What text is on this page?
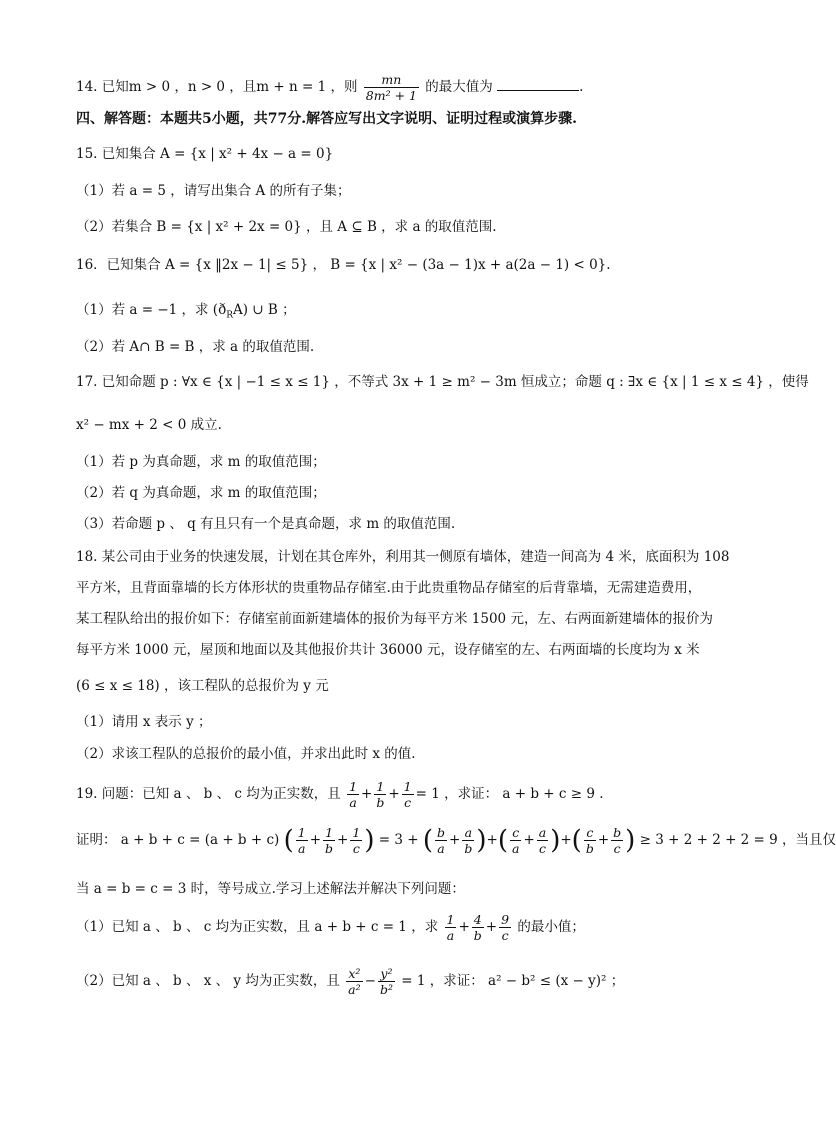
14. 已知m > 0 ，n > 0 ，且m + n = 1 ，则 $\frac{mn}{\text{8m² + 1}}$ 的最大值为	.
四、解答题：本题共5小题，共77分.解答应写出文字说明、证明过程或演算步骤.
15. 已知集合 A = {x | x² + 4x − a = 0}
（1）若 a = 5 ，请写出集合 A 的所有子集；
（2）若集合 B = {x | x² + 2x = 0} ，且 A ⊆ B ，求 a 的取值范围.
16．已知集合 A = {x ‖2x − 1| ≤ 5} ， B = {x | x² − (3a − 1)x + a(2a − 1) < 0}.
（1）若 a = −1 ，求 $(ð_RA)$ ∪ B ；
（2）若 A∩ B = B ，求 a 的取值范围.
17. 已知命题 p : ∀x ∈ {x | −1 ≤ x ≤ 1} ，不等式 3x + 1 ≥ m² − 3m 恒成立；命题 q : ∃x ∈ {x | 1 ≤ x ≤ 4} ，使得
x² − mx + 2 < 0 成立.
（1）若 p 为真命题，求 m 的取值范围；
（2）若 q 为真命题，求 m 的取值范围；
（3）若命题 p 、 q 有且只有一个是真命题，求 m 的取值范围.
18. 某公司由于业务的快速发展，计划在其仓库外，利用其一侧原有墙体，建造一间高为 4 米，底面积为 108
平方米，且背面靠墙的长方体形状的贵重物品存储室.由于此贵重物品存储室的后背靠墙，无需建造费用，
某工程队给出的报价如下：存储室前面新建墙体的报价为每平方米 1500 元，左、右两面新建墙体的报价为
每平方米 1000 元，屋顶和地面以及其他报价共计 36000 元，设存储室的左、右两面墙的长度均为 x 米
(6 ≤ x ≤ 18) ，该工程队的总报价为 y 元
（1）请用 x 表示 y ；
（2）求该工程队的总报价的最小值，并求出此时 x 的值.
19. 问题：已知 a 、 b 、 c 均为正实数，且 $\frac{1}{a} + \frac{1}{b} + \frac{1}{c} = 1$ ，求证： a + b + c ≥ 9 .
证明： a + b + c = (a + b + c) ( $\frac{1}{a} + \frac{1}{b} + \frac{1}{c}$ ) = 3 + ( $\frac{b}{a} + \frac{a}{b}$ )+( $\frac{c}{a} + \frac{a}{c}$ )+( $\frac{c}{b} + \frac{b}{c}$ ) ≥ 3 + 2 + 2 + 2 = 9 ，当且仅
当 a = b = c = 3 时，等号成立.学习上述解法并解决下列问题：
（1）已知 a 、 b 、 c 均为正实数，且 a + b + c = 1 ，求 $\frac{1}{a} + \frac{4}{b} + \frac{9}{c}$ 的最小值；
（2）已知 a 、 b 、 x 、 y 均为正实数，且 $\frac{\text{x²}}{\text{a²}} - \frac{\text{y²}}{\text{b²}} = 1$ ，求证： a² − b² ≤ (x − y)² ；
